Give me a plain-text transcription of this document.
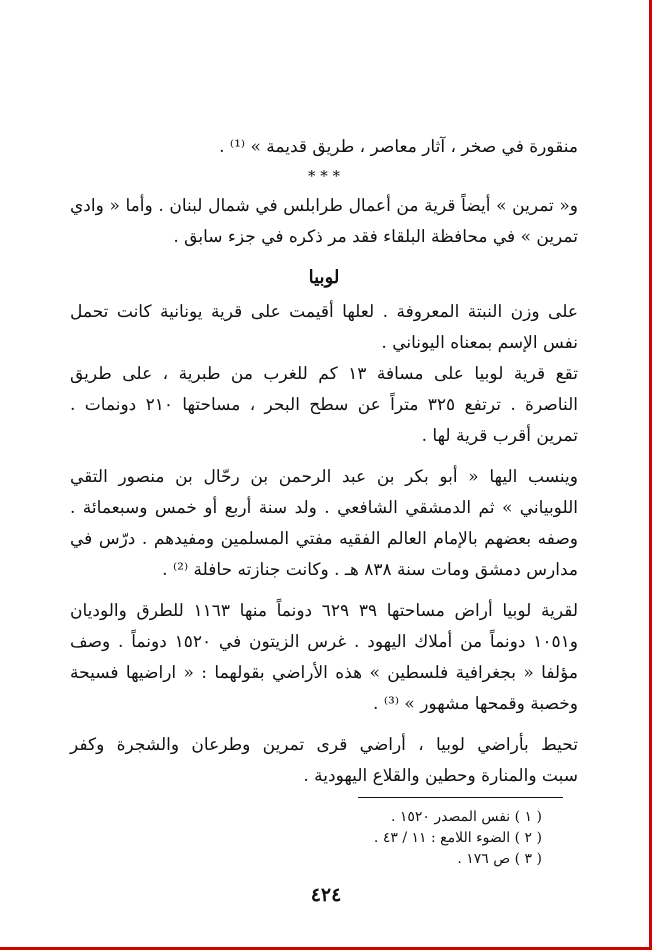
منقورة في صخر ، آثار معاصر ، طريق قديمة » ⁽¹⁾ .
* * *
و« تمرين » أيضاً قرية من أعمال طرابلس في شمال لبنان . وأما « وادي
تمرين » في محافظة البلقاء فقد مر ذكره في جزء سابق .
لوبيا
على وزن النبتة المعروفة . لعلها أقيمت على قرية يونانية كانت تحمل
نفس الإسم بمعناه اليوناني .
تقع قرية لوبيا على مسافة ١٣ كم للغرب من طبرية ، على طريق
الناصرة . ترتفع ٣٢٥ متراً عن سطح البحر ، مساحتها ٢١٠ دونمات .
تمرين أقرب قرية لها .
وينسب اليها « أبو بكر بن عبد الرحمن بن رحّال بن منصور التقي
اللوبياني » ثم الدمشقي الشافعي . ولد سنة أربع أو خمس وسبعمائة .
وصفه بعضهم بالإمام العالم الفقيه مفتي المسلمين ومفيدهم . درّس في
مدارس دمشق ومات سنة ٨٣٨ هـ . وكانت جنازته حافلة ⁽²⁾ .
لقرية لوبيا أراض مساحتها ٣٩ ٦٢٩ دونماً منها ١١٦٣ للطرق والوديان
و١٠٥١ دونماً من أملاك اليهود . غرس الزيتون في ١٥٢٠ دونماً . وصف
مؤلفا « بجغرافية فلسطين » هذه الأراضي بقولهما : « اراضيها فسيحة
وخصبة وقمحها مشهور » ⁽³⁾ .
تحيط بأراضي لوبيا ، أراضي قرى تمرين وطرعان والشجرة وكفر
سبت والمنارة وحطين والقلاع اليهودية .
( ١ ) نفس المصدر ١٥٢٠ .
( ٢ ) الضوء اللامع : ١١ / ٤٣ .
( ٣ ) ص ١٧٦ .
٤٢٤
